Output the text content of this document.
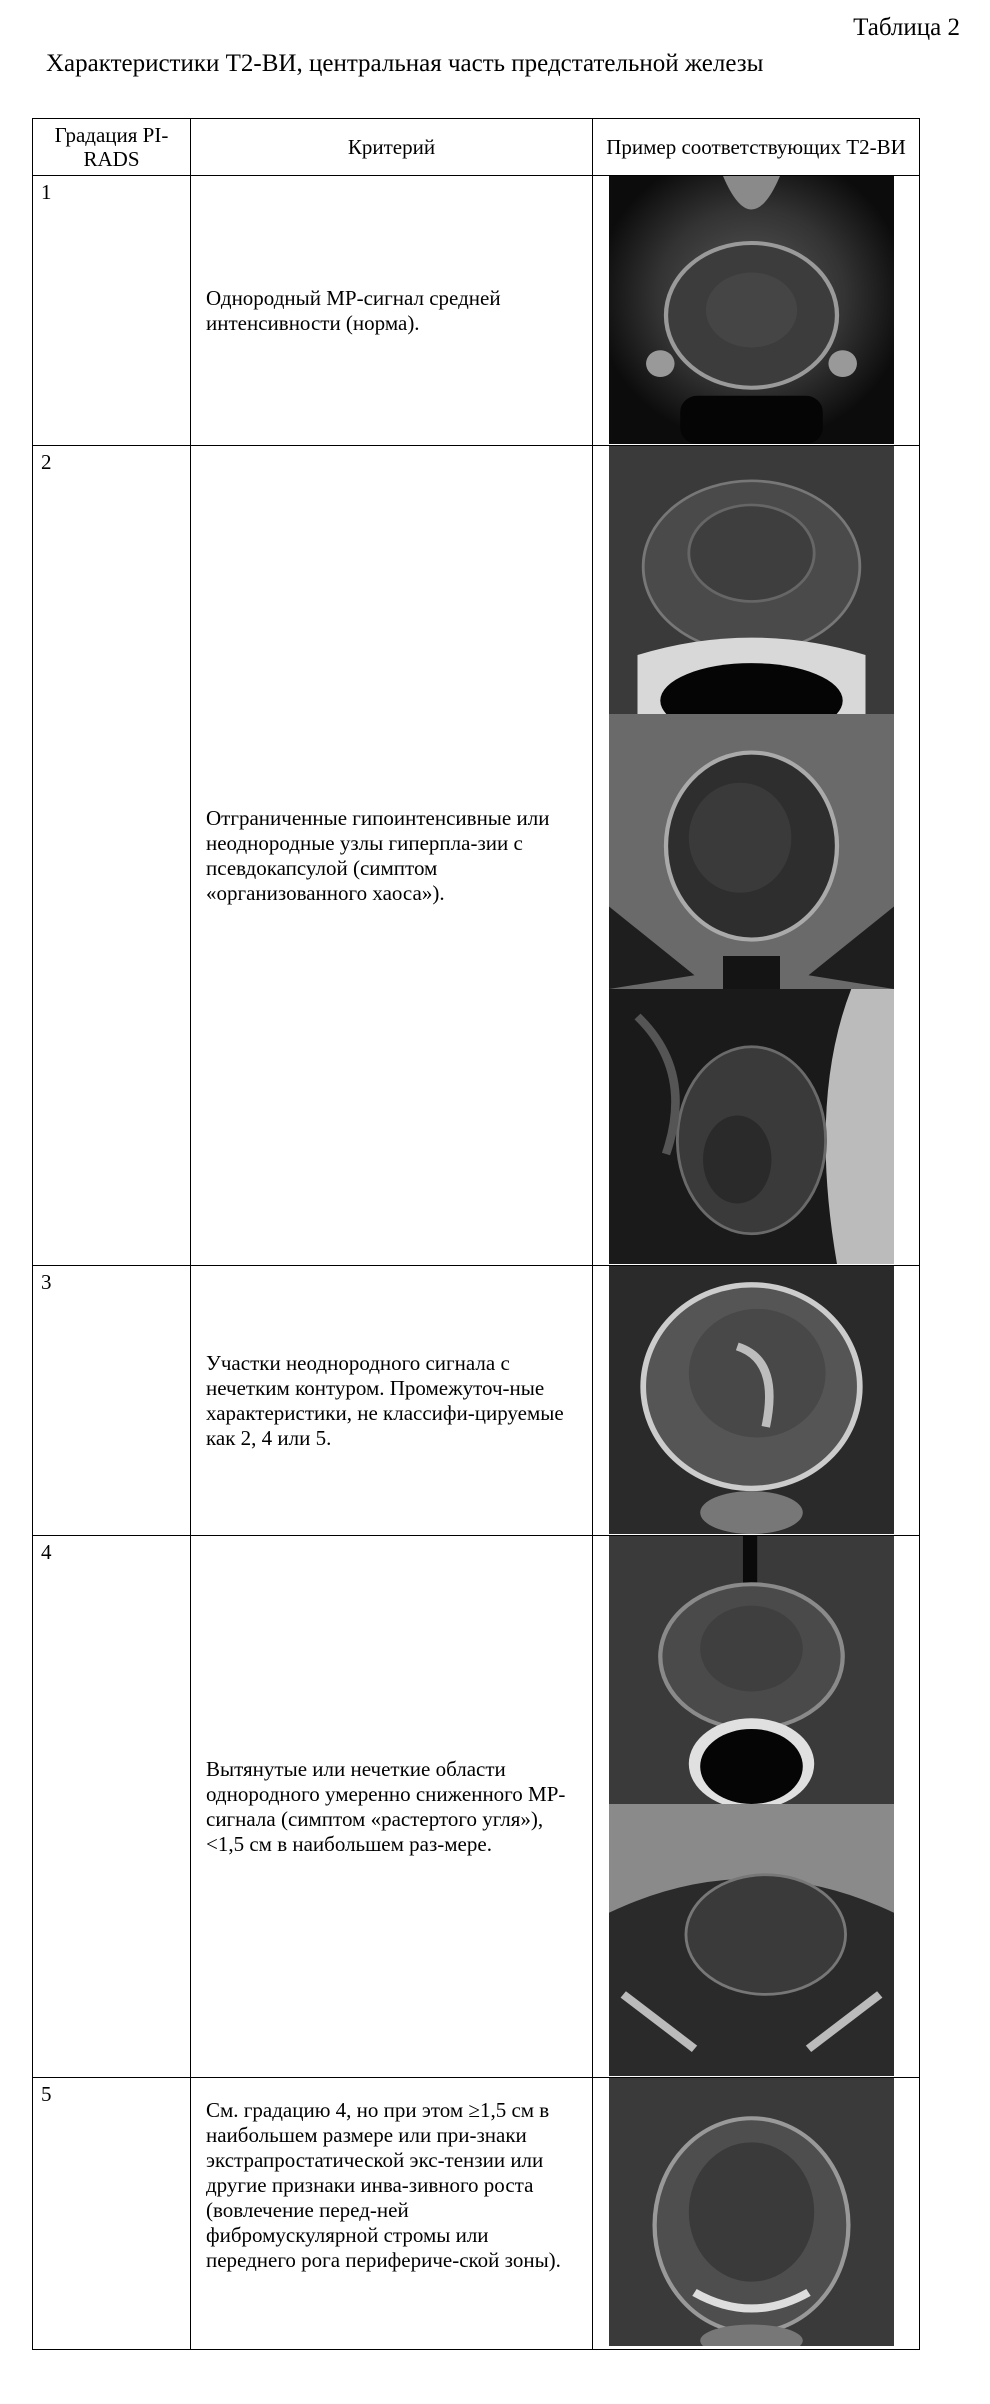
Таблица 2
Характеристики Т2-ВИ, центральная часть предстательной железы
Градация PI-RADS	Критерий	Пример соответствующих Т2-ВИ

1	Однородный МР-сигнал средней интенсивности (норма).

2	Отграниченные гипоинтенсивные или неоднородные узлы гиперпла-зии с псевдокапсулой (симптом «организованного хаоса»).

3	Участки неоднородного сигнала с нечетким контуром. Промежуточ-ные характеристики, не классифи-цируемые как 2, 4 или 5.

4	Вытянутые или нечеткие области однородного умеренно сниженного МР-сигнала (симптом «растертого угля»), <1,5 см в наибольшем раз-мере.

5	См. градацию 4, но при этом ≥1,5 см в наибольшем размере или при-знаки экстрапростатической экс-тензии или другие признаки инва-зивного роста (вовлечение перед-ней фибромускулярной стромы или переднего рога перифериче-ской зоны).
